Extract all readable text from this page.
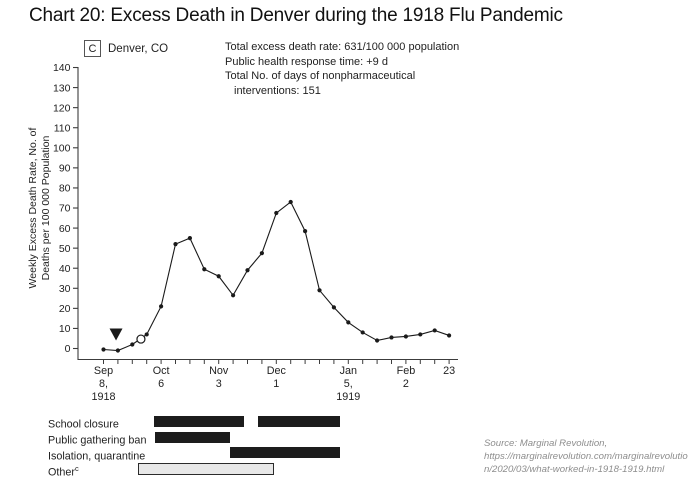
Chart 20: Excess Death in Denver during the 1918 Flu Pandemic
C	Denver, CO	Total excess death rate: 631/100 000 population
Public health response time: +9 d
Total No. of days of nonpharmaceutical
interventions: 151
0
10
20
30
40
50
60
70
80
90
100
110
120
130
140
Sep
8,
1918
Oct
6
Nov
3
Dec
1
Jan
5,
1919
Feb
2
23
Weekly Excess Death Rate, No. of Deaths per 100 000 Population
School closure
Public gathering ban
Isolation, quarantine
Other$^c$
Source: Marginal Revolution,
https://marginalrevolution.com/marginalrevolutio
n/2020/03/what-worked-in-1918-1919.html
